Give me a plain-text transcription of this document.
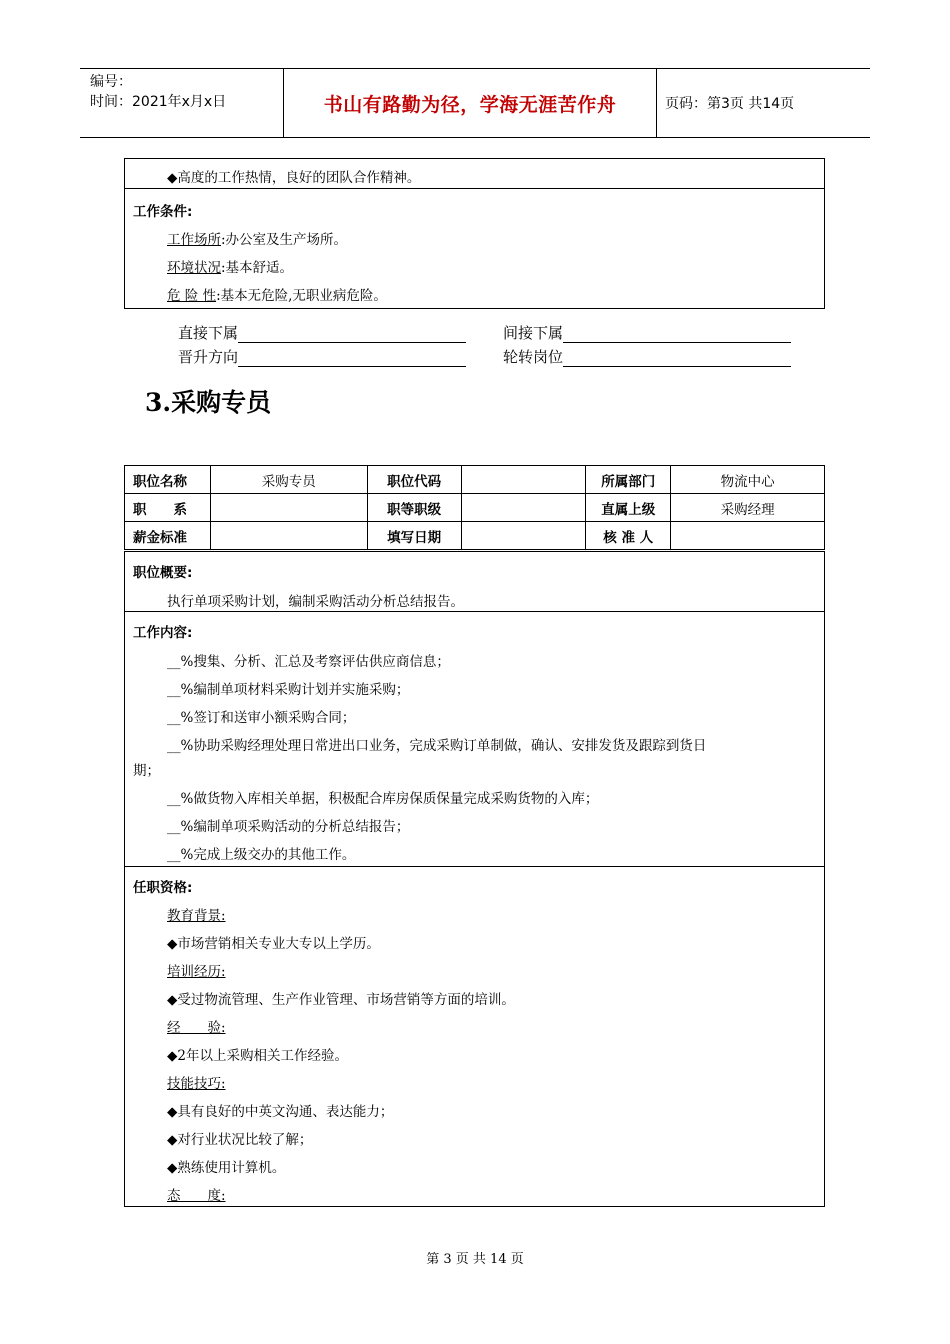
编号：
时间：2021年x月x日	书山有路勤为径，学海无涯苦作舟	页码：第3页 共14页
◆高度的工作热情，良好的团队合作精神。
工作条件:
工作场所:办公室及生产场所。
环境状况:基本舒适。
危 险 性:基本无危险,无职业病危险。
直接下属	间接下属
晋升方向	轮转岗位
3.采购专员
职位名称	采购专员	职位代码		所属部门	物流中心
职　　系		职等职级		直属上级	采购经理
薪金标准		填写日期		核 准 人	
职位概要:
执行单项采购计划，编制采购活动分析总结报告。
工作内容:
__%搜集、分析、汇总及考察评估供应商信息；
__%编制单项材料采购计划并实施采购；
__%签订和送审小额采购合同；
__%协助采购经理处理日常进出口业务，完成采购订单制做，确认、安排发货及跟踪到货日
期；
__%做货物入库相关单据，积极配合库房保质保量完成采购货物的入库；
__%编制单项采购活动的分析总结报告；
__%完成上级交办的其他工作。
任职资格:
教育背景:
◆市场营销相关专业大专以上学历。
培训经历:
◆受过物流管理、生产作业管理、市场营销等方面的培训。
经　　验:
◆2年以上采购相关工作经验。
技能技巧:
◆具有良好的中英文沟通、表达能力；
◆对行业状况比较了解；
◆熟练使用计算机。
态　　度:
第 3 页 共 14 页
